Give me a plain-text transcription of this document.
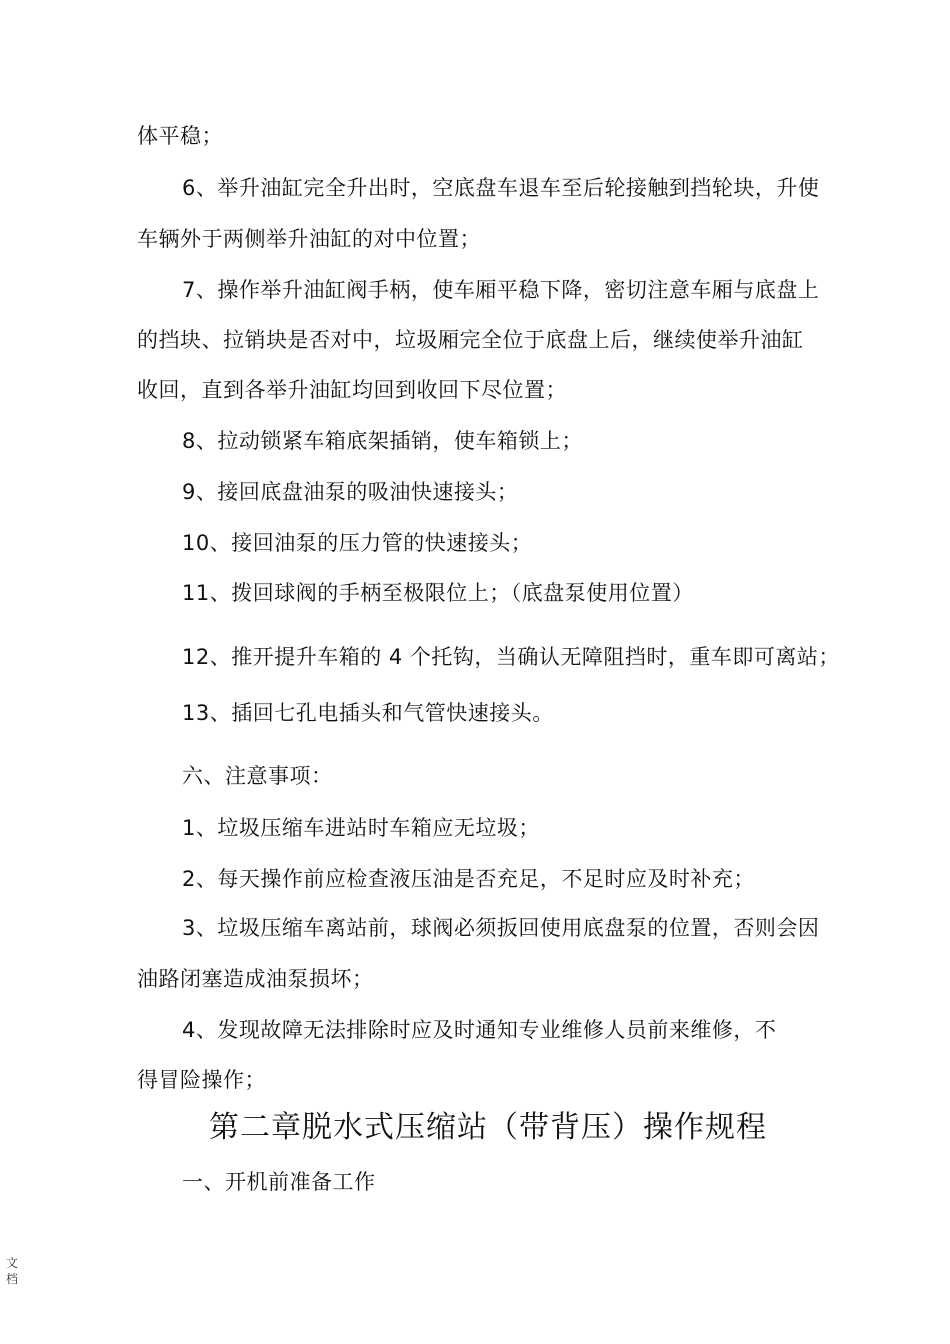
体平稳；
6、举升油缸完全升出时，空底盘车退车至后轮接触到挡轮块，升使
车辆外于两侧举升油缸的对中位置；
7、操作举升油缸阀手柄，使车厢平稳下降，密切注意车厢与底盘上
的挡块、拉销块是否对中，垃圾厢完全位于底盘上后，继续使举升油缸
收回，直到各举升油缸均回到收回下尽位置；
8、拉动锁紧车箱底架插销，使车箱锁上；
9、接回底盘油泵的吸油快速接头；
10、接回油泵的压力管的快速接头；
11、拨回球阀的手柄至极限位上；（底盘泵使用位置）
12、推开提升车箱的 4 个托钩，当确认无障阻挡时，重车即可离站；
13、插回七孔电插头和气管快速接头。
六、注意事项：
1、垃圾压缩车进站时车箱应无垃圾；
2、每天操作前应检查液压油是否充足，不足时应及时补充；
3、垃圾压缩车离站前，球阀必须扳回使用底盘泵的位置，否则会因
油路闭塞造成油泵损坏；
4、发现故障无法排除时应及时通知专业维修人员前来维修，不
得冒险操作；
第二章脱水式压缩站（带背压）操作规程
一、开机前准备工作
文档
